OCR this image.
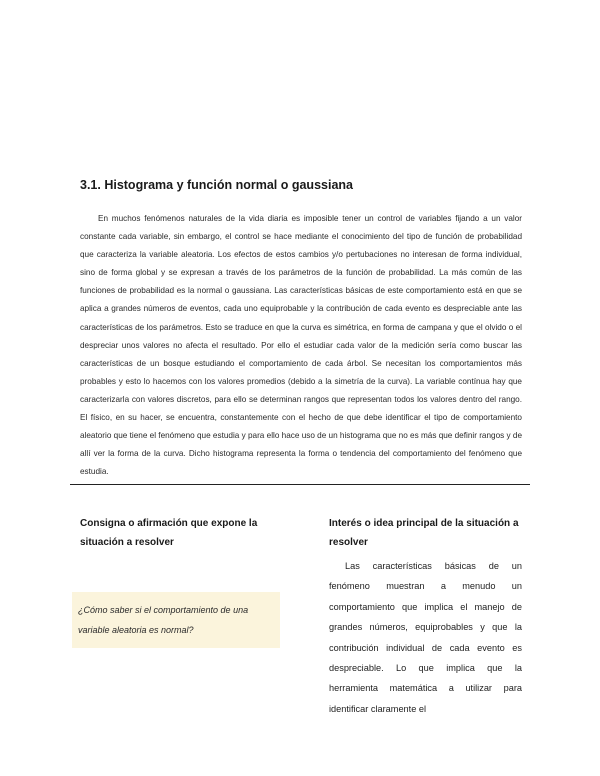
3.1. Histograma y función normal o gaussiana

En muchos fenómenos naturales de la vida diaria es imposible tener un control de variables fijando a un valor constante cada variable, sin embargo, el control se hace mediante el conocimiento del tipo de función de probabilidad que caracteriza la variable aleatoria. Los efectos de estos cambios y/o pertubaciones no interesan de forma individual, sino de forma global y se expresan a través de los parámetros de la función de probabilidad. La más común de las funciones de probabilidad es la normal o gaussiana. Las características básicas de este comportamiento está en que se aplica a grandes números de eventos, cada uno equiprobable y la contribución de cada evento es despreciable ante las características de los parámetros. Esto se traduce en que la curva es simétrica, en forma de campana y que el olvido o el despreciar unos valores no afecta el resultado. Por ello el estudiar cada valor de la medición sería como buscar las características de un bosque estudiando el comportamiento de cada árbol. Se necesitan los comportamientos más probables y esto lo hacemos con los valores promedios (debido a la simetría de la curva). La variable contínua hay que caracterizarla con valores discretos, para ello se determinan rangos que representan todos los valores dentro del rango. El físico, en su hacer, se encuentra, constantemente con el hecho de que debe identificar el tipo de comportamiento aleatorio que tiene el fenómeno que estudia y para ello hace uso de un histograma que no es más que definir rangos y de allí ver la forma de la curva. Dicho histograma representa la forma o tendencia del comportamiento del fenómeno que estudia.

Consigna o afirmación que expone la situación a resolver

¿Cómo saber si el comportamiento de una variable aleatoria es normal?

Interés o idea principal de la situación a resolver

Las características básicas de un fenómeno muestran a menudo un comportamiento que implica el manejo de grandes números, equiprobables y que la contribución individual de cada evento es despreciable. Lo que implica que la herramienta matemática a utilizar para identificar claramente el
